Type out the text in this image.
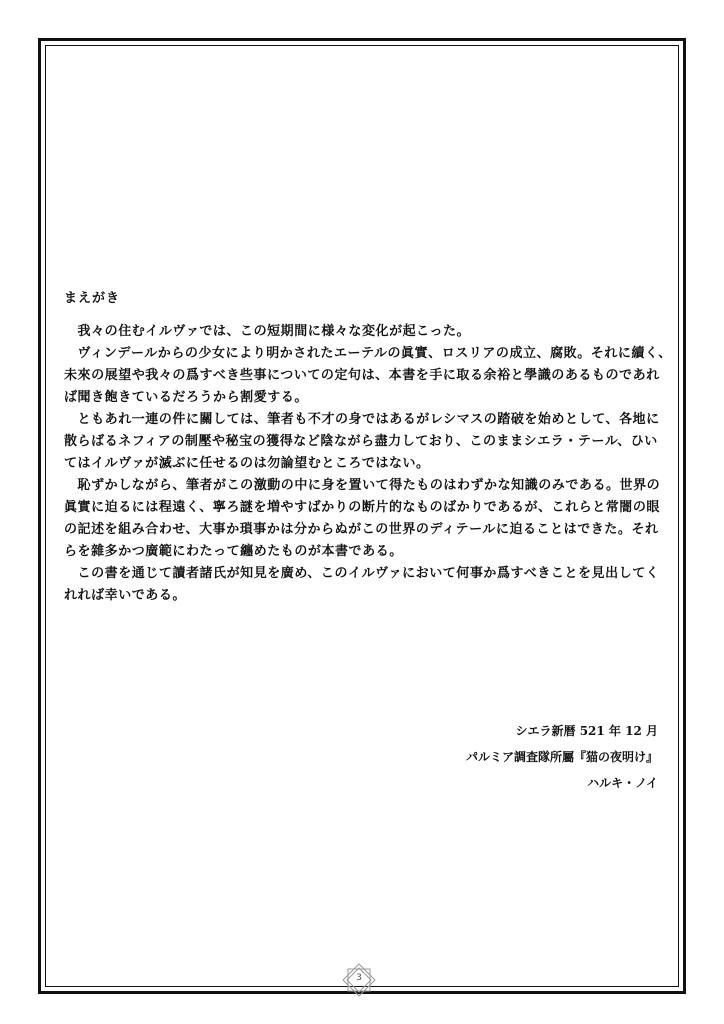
まえがき
　我々の住むイルヴァでは、この短期間に様々な変化が起こった。
　ヴィンデールからの少女により明かされたエーテルの眞實、ロスリアの成立、腐敗。それに續く、
未來の展望や我々の爲すべき些事についての定句は、本書を手に取る余裕と學識のあるものであれ
ば聞き飽きているだろうから割愛する。
　ともあれ一連の件に關しては、筆者も不才の身ではあるがレシマスの踏破を始めとして、各地に
散らばるネフィアの制壓や秘宝の獲得など陰ながら盡力しており、このままシエラ・テール、ひい
てはイルヴァが滅ぶに任せるのは勿論望むところではない。
　恥ずかしながら、筆者がこの激動の中に身を置いて得たものはわずかな知識のみである。世界の
眞實に迫るには程遠く、寧ろ謎を増やすばかりの断片的なものばかりであるが、これらと常闇の眼
の記述を組み合わせ、大事か瑣事かは分からぬがこの世界のディテールに迫ることはできた。それ
らを雜多かつ廣範にわたって纏めたものが本書である。
　この書を通じて讀者諸氏が知見を廣め、このイルヴァにおいて何事か爲すべきことを見出してく
れれば幸いである。
シエラ新暦 521 年 12 月
パルミア調査隊所屬『猫の夜明け』
ハルキ・ノイ
3
